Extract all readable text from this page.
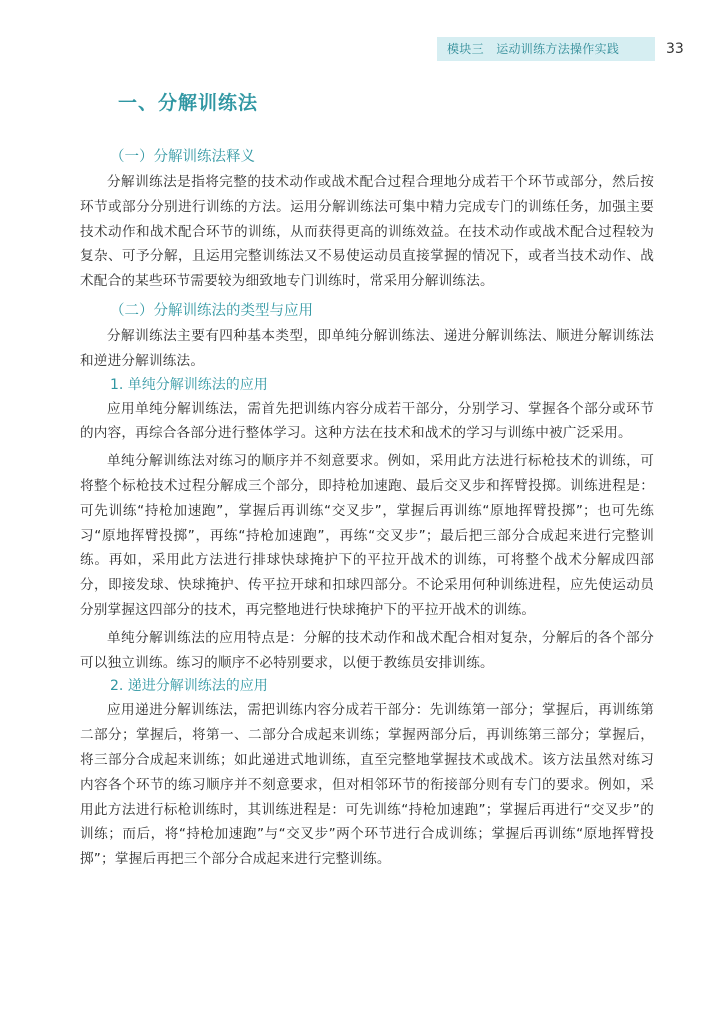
模块三　运动训练方法操作实践	33
一、分解训练法
（一）分解训练法释义

分解训练法是指将完整的技术动作或战术配合过程合理地分成若干个环节或部分，然后按环节或部分分别进行训练的方法。运用分解训练法可集中精力完成专门的训练任务，加强主要技术动作和战术配合环节的训练，从而获得更高的训练效益。在技术动作或战术配合过程较为复杂、可予分解，且运用完整训练法又不易使运动员直接掌握的情况下，或者当技术动作、战术配合的某些环节需要较为细致地专门训练时，常采用分解训练法。

（二）分解训练法的类型与应用

分解训练法主要有四种基本类型，即单纯分解训练法、递进分解训练法、顺进分解训练法和逆进分解训练法。

1. 单纯分解训练法的应用

应用单纯分解训练法，需首先把训练内容分成若干部分，分别学习、掌握各个部分或环节的内容，再综合各部分进行整体学习。这种方法在技术和战术的学习与训练中被广泛采用。

单纯分解训练法对练习的顺序并不刻意要求。例如，采用此方法进行标枪技术的训练，可将整个标枪技术过程分解成三个部分，即持枪加速跑、最后交叉步和挥臂投掷。训练进程是：可先训练“持枪加速跑”，掌握后再训练“交叉步”，掌握后再训练“原地挥臂投掷”；也可先练习“原地挥臂投掷”，再练“持枪加速跑”，再练“交叉步”；最后把三部分合成起来进行完整训练。再如，采用此方法进行排球快球掩护下的平拉开战术的训练，可将整个战术分解成四部分，即接发球、快球掩护、传平拉开球和扣球四部分。不论采用何种训练进程，应先使运动员分别掌握这四部分的技术，再完整地进行快球掩护下的平拉开战术的训练。

单纯分解训练法的应用特点是：分解的技术动作和战术配合相对复杂，分解后的各个部分可以独立训练。练习的顺序不必特别要求，以便于教练员安排训练。

2. 递进分解训练法的应用

应用递进分解训练法，需把训练内容分成若干部分：先训练第一部分；掌握后，再训练第二部分；掌握后，将第一、二部分合成起来训练；掌握两部分后，再训练第三部分；掌握后，将三部分合成起来训练；如此递进式地训练，直至完整地掌握技术或战术。该方法虽然对练习内容各个环节的练习顺序并不刻意要求，但对相邻环节的衔接部分则有专门的要求。例如，采用此方法进行标枪训练时，其训练进程是：可先训练“持枪加速跑”；掌握后再进行“交叉步”的训练；而后，将“持枪加速跑”与“交叉步”两个环节进行合成训练；掌握后再训练“原地挥臂投掷”；掌握后再把三个部分合成起来进行完整训练。
